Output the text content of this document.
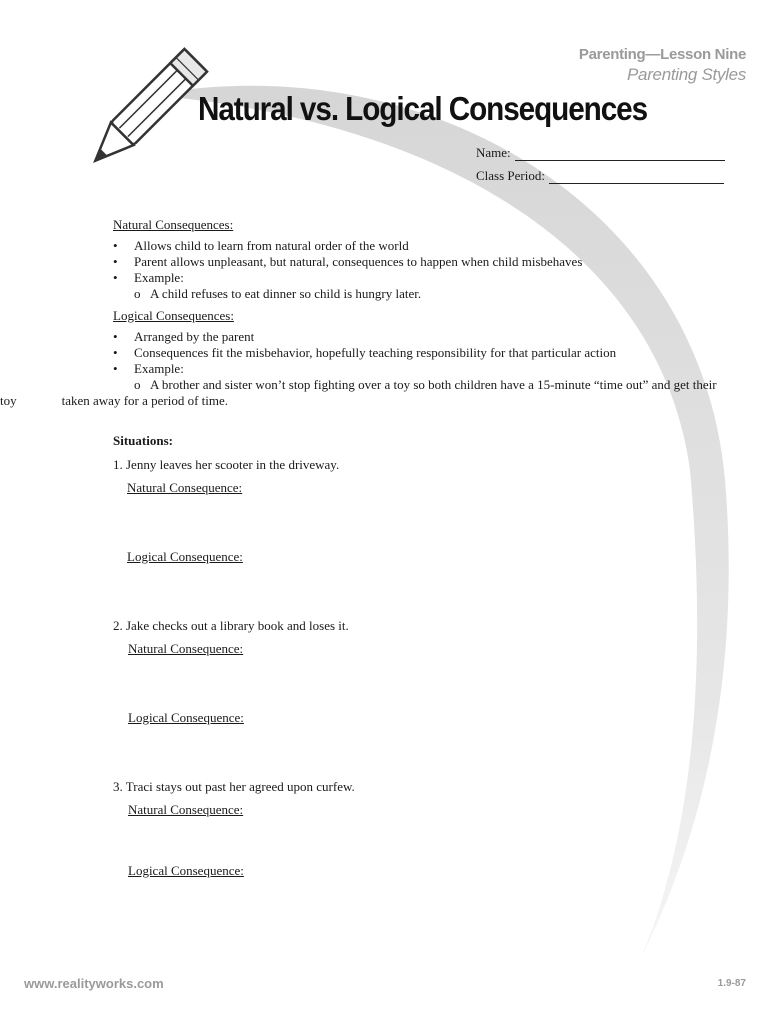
Parenting—Lesson Nine
Parenting Styles
Natural vs. Logical Consequences
Name:
Class Period:

Natural Consequences:

• Allows child to learn from natural order of the world
• Parent allows unpleasant, but natural, consequences to happen when child misbehaves
• Example:
o A child refuses to eat dinner so child is hungry later.

Logical Consequences:

• Arranged by the parent
• Consequences fit the misbehavior, hopefully teaching responsibility for that particular action
• Example:
o A brother and sister won’t stop fighting over a toy so both children have a 15-minute “time out” and get their
toy	taken away for a period of time.
Situations:
1. Jenny leaves her scooter in the driveway.
Natural Consequence:
Logical Consequence:
2. Jake checks out a library book and loses it.
Natural Consequence:
Logical Consequence:
3. Traci stays out past her agreed upon curfew.
Natural Consequence:
Logical Consequence:
www.realityworks.com	1.9-87
